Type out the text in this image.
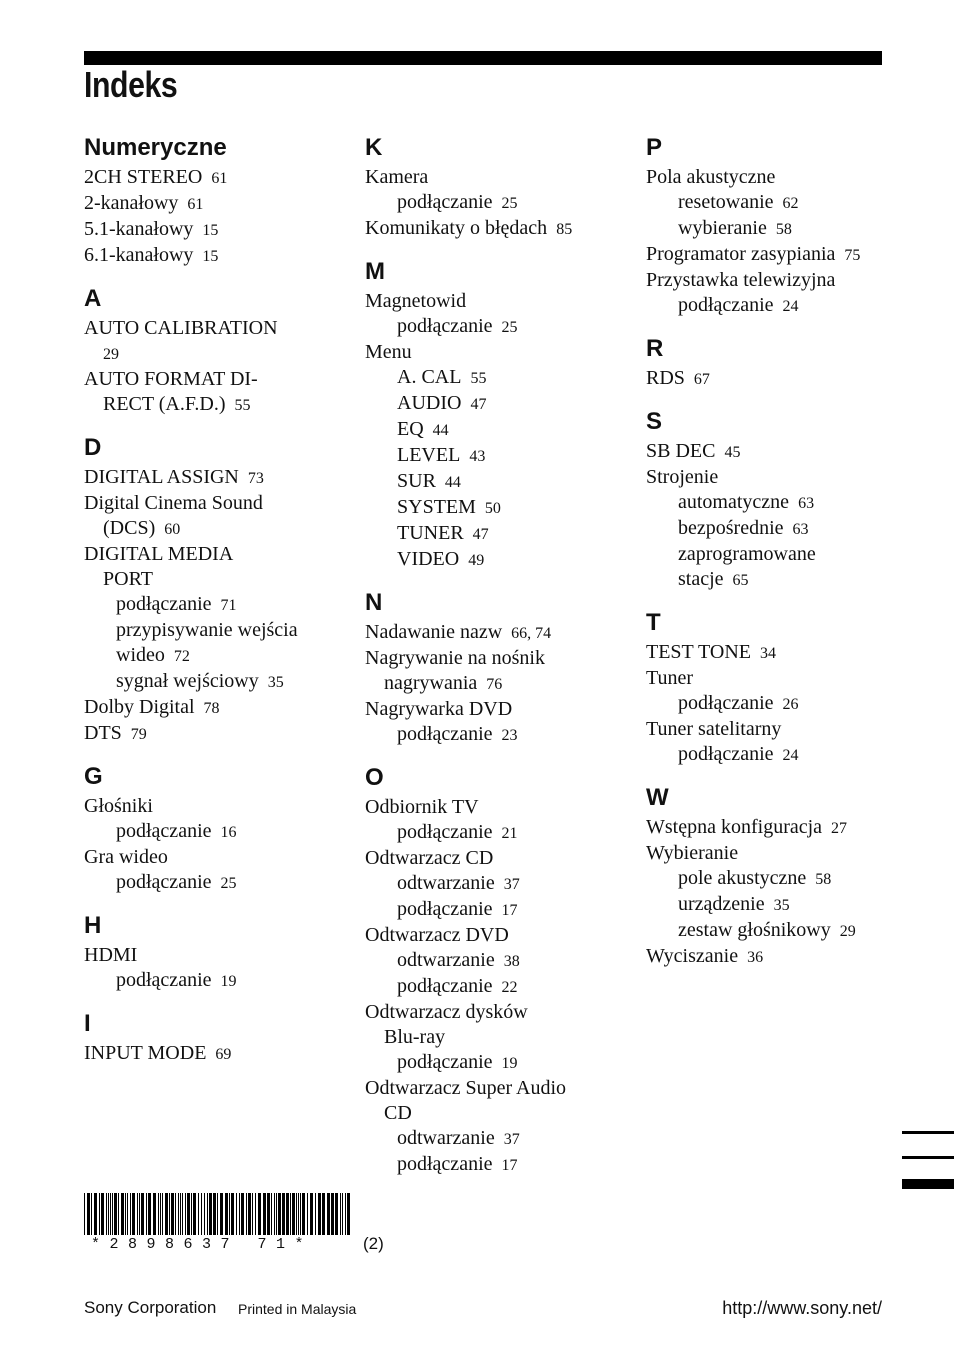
Indeks
Numeryczne
2CH STEREO 61
2-kanałowy 61
5.1-kanałowy 15
6.1-kanałowy 15
A
AUTO CALIBRATION
29
AUTO FORMAT DI-
RECT (A.F.D.) 55
D
DIGITAL ASSIGN 73
Digital Cinema Sound
(DCS) 60
DIGITAL MEDIA
PORT
podłączanie 71
przypisywanie wejścia
wideo 72
sygnał wejściowy 35
Dolby Digital 78
DTS 79
G
Głośniki
podłączanie 16
Gra wideo
podłączanie 25
H
HDMI
podłączanie 19
I
INPUT MODE 69
K
Kamera
podłączanie 25
Komunikaty o błędach 85
M
Magnetowid
podłączanie 25
Menu
A. CAL 55
AUDIO 47
EQ 44
LEVEL 43
SUR 44
SYSTEM 50
TUNER 47
VIDEO 49
N
Nadawanie nazw 66, 74
Nagrywanie na nośnik
nagrywania 76
Nagrywarka DVD
podłączanie 23
O
Odbiornik TV
podłączanie 21
Odtwarzacz CD
odtwarzanie 37
podłączanie 17
Odtwarzacz DVD
odtwarzanie 38
podłączanie 22
Odtwarzacz dysków
Blu-ray
podłączanie 19
Odtwarzacz Super Audio
CD
odtwarzanie 37
podłączanie 17
P
Pola akustyczne
resetowanie 62
wybieranie 58
Programator zasypiania 75
Przystawka telewizyjna
podłączanie 24
R
RDS 67
S
SB DEC 45
Strojenie
automatyczne 63
bezpośrednie 63
zaprogramowane
stacje 65
T
TEST TONE 34
Tuner
podłączanie 26
Tuner satelitarny
podłączanie 24
W
Wstępna konfiguracja 27
Wybieranie
pole akustyczne 58
urządzenie 35
zestaw głośnikowy 29
Wyciszanie 36
*2898637 71*	(2)
Sony Corporation Printed in Malaysia	http://www.sony.net/
